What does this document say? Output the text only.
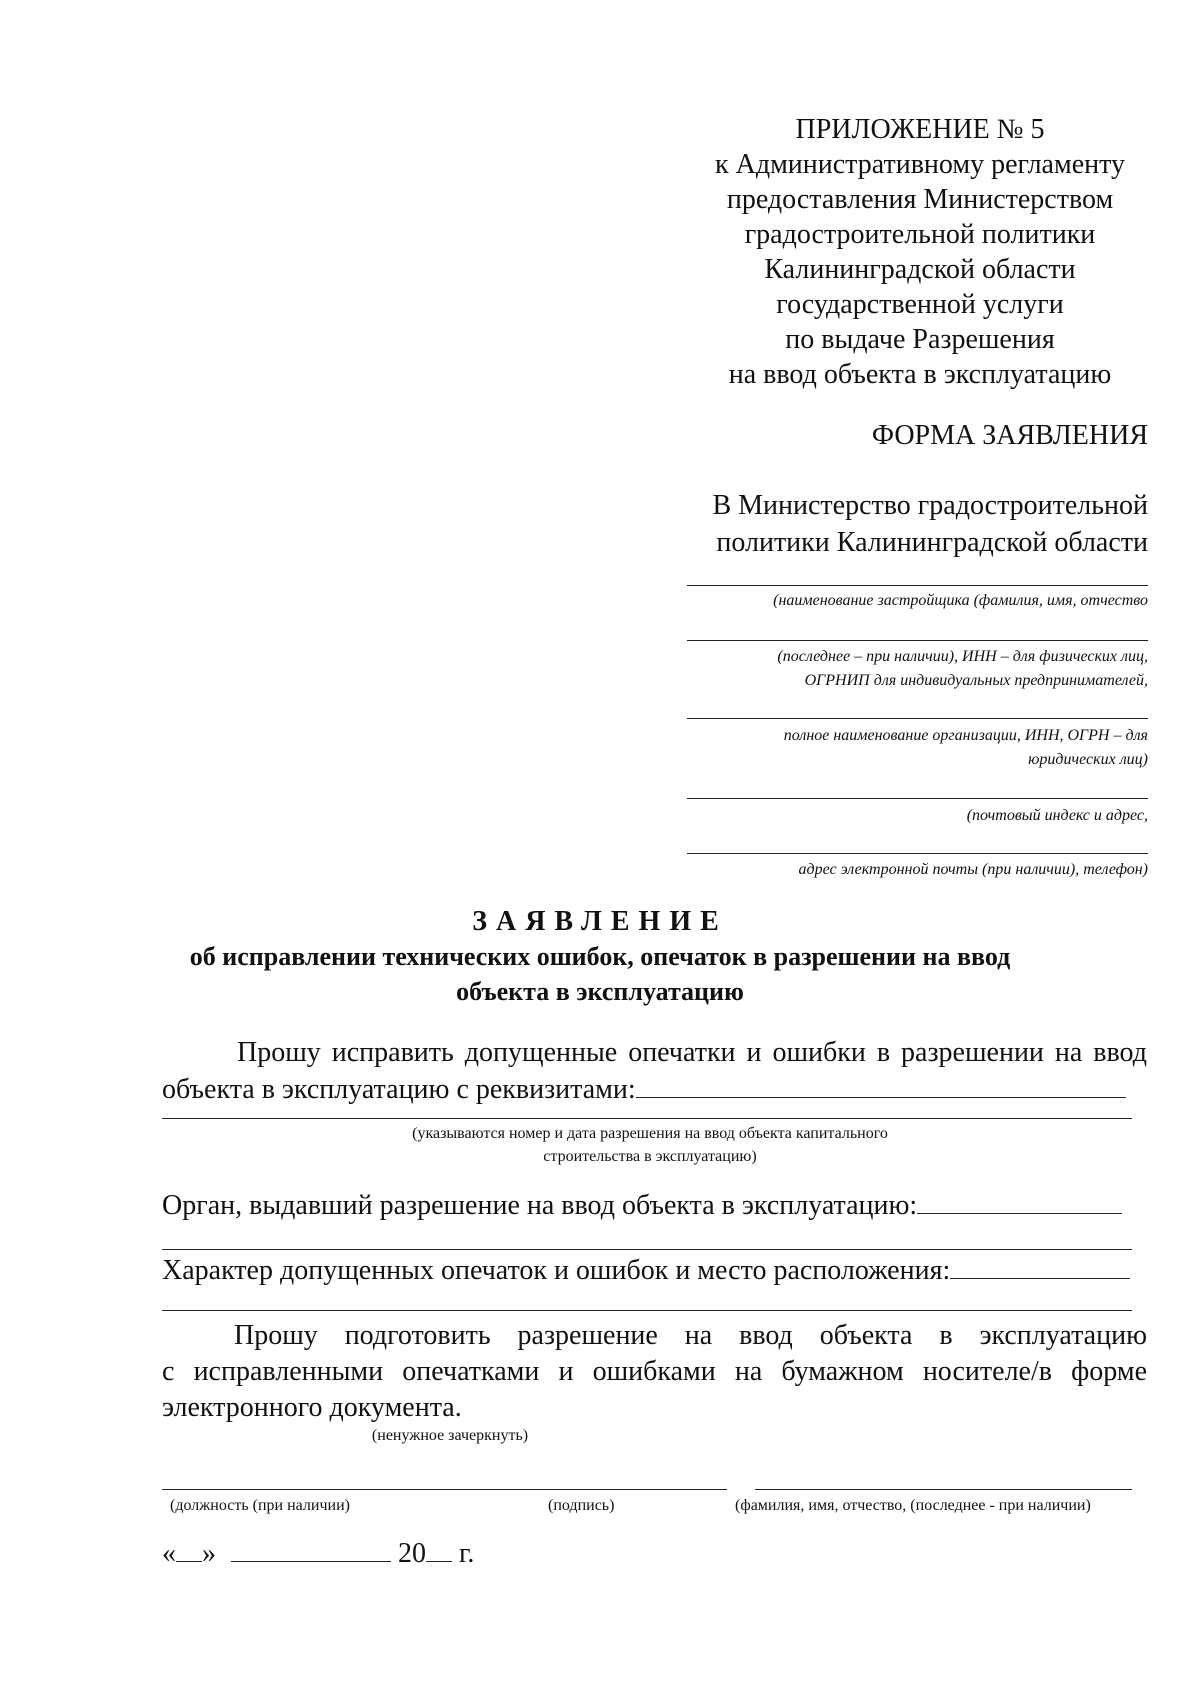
ПРИЛОЖЕНИЕ № 5
к Административному регламенту
предоставления Министерством
градостроительной политики
Калининградской области
государственной услуги
по выдаче Разрешения
на ввод объекта в эксплуатацию
ФОРМА ЗАЯВЛЕНИЯ
В Министерство градостроительной
политики Калининградской области
(наименование застройщика (фамилия, имя, отчество
(последнее – при наличии), ИНН – для физических лиц,
ОГРНИП для индивидуальных предпринимателей,
полное наименование организации, ИНН, ОГРН – для
юридических лиц)
(почтовый индекс и адрес,
адрес электронной почты (при наличии), телефон)
ЗАЯВЛЕНИЕ
об исправлении технических ошибок, опечаток в разрешении на ввод
объекта в эксплуатацию
Прошу исправить допущенные опечатки и ошибки в разрешении на ввод
объекта в эксплуатацию с реквизитами:
(указываются номер и дата разрешения на ввод объекта капитального
строительства в эксплуатацию)
Орган, выдавший разрешение на ввод объекта в эксплуатацию:
Характер допущенных опечаток и ошибок и место расположения:
Прошу подготовить разрешение на ввод объекта в эксплуатацию
с исправленными опечатками и ошибками на бумажном носителе/в форме
электронного документа.
(ненужное зачеркнуть)
(должность (при наличии)	(подпись)	(фамилия, имя, отчество, (последнее - при наличии)
« »	20 г.
